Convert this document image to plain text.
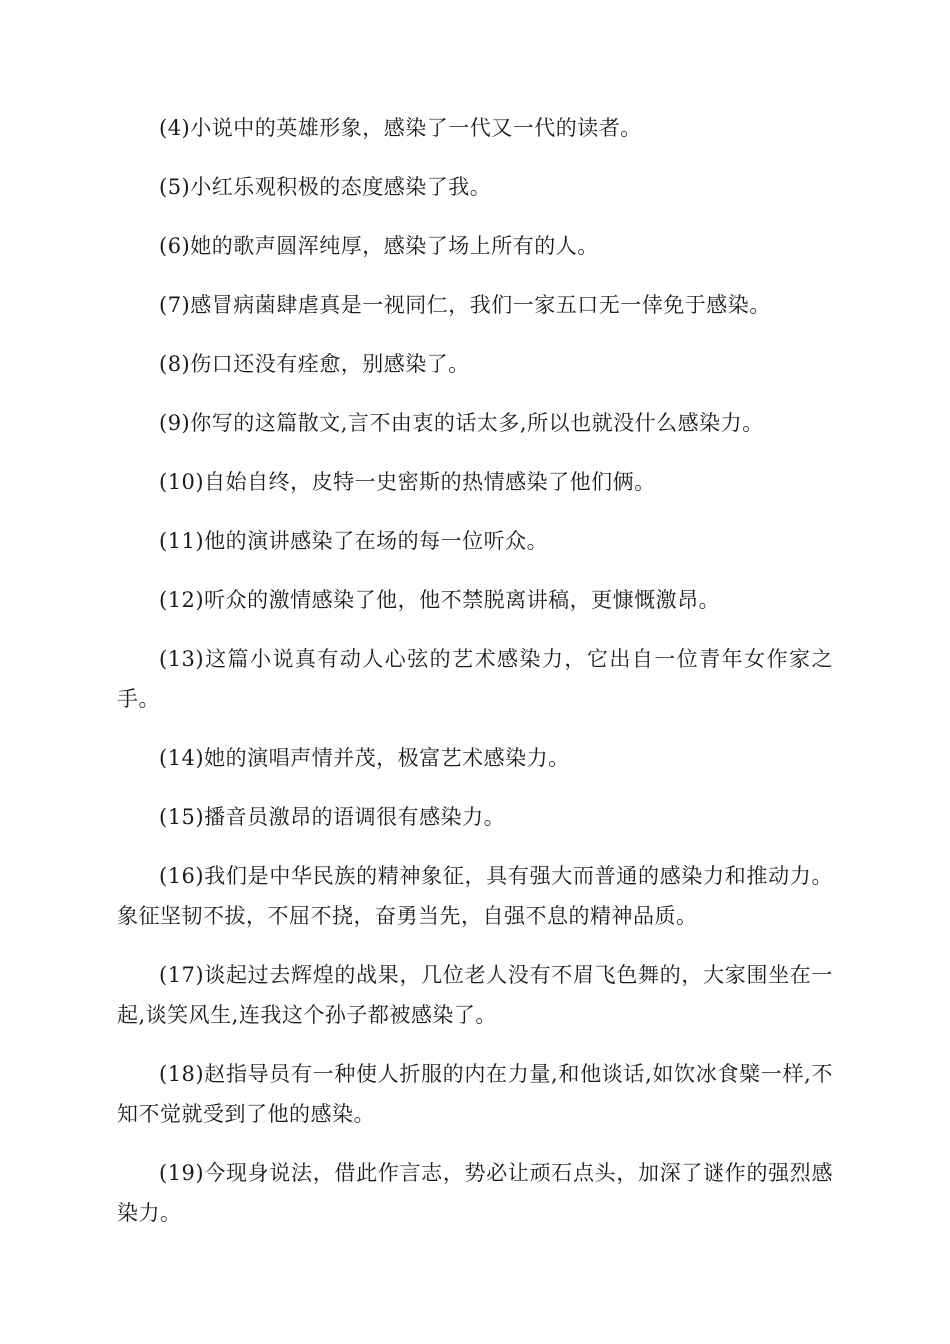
(4)小说中的英雄形象，感染了一代又一代的读者。

(5)小红乐观积极的态度感染了我。

(6)她的歌声圆浑纯厚，感染了场上所有的人。

(7)感冒病菌肆虐真是一视同仁，我们一家五口无一倖免于感染。

(8)伤口还没有痊愈，别感染了。

(9)你写的这篇散文,言不由衷的话太多,所以也就没什么感染力。

(10)自始自终，皮特一史密斯的热情感染了他们俩。

(11)他的演讲感染了在场的每一位听众。

(12)听众的激情感染了他，他不禁脱离讲稿，更慷慨激昂。

(13)这篇小说真有动人心弦的艺术感染力，它出自一位青年女作家之手。

(14)她的演唱声情并茂，极富艺术感染力。

(15)播音员激昂的语调很有感染力。

(16)我们是中华民族的精神象征，具有强大而普通的感染力和推动力。象征坚韧不拔，不屈不挠，奋勇当先，自强不息的精神品质。

(17)谈起过去辉煌的战果，几位老人没有不眉飞色舞的，大家围坐在一起,谈笑风生,连我这个孙子都被感染了。

(18)赵指导员有一种使人折服的内在力量,和他谈话,如饮冰食檗一样,不知不觉就受到了他的感染。

(19)今现身说法，借此作言志，势必让顽石点头，加深了谜作的强烈感染力。
